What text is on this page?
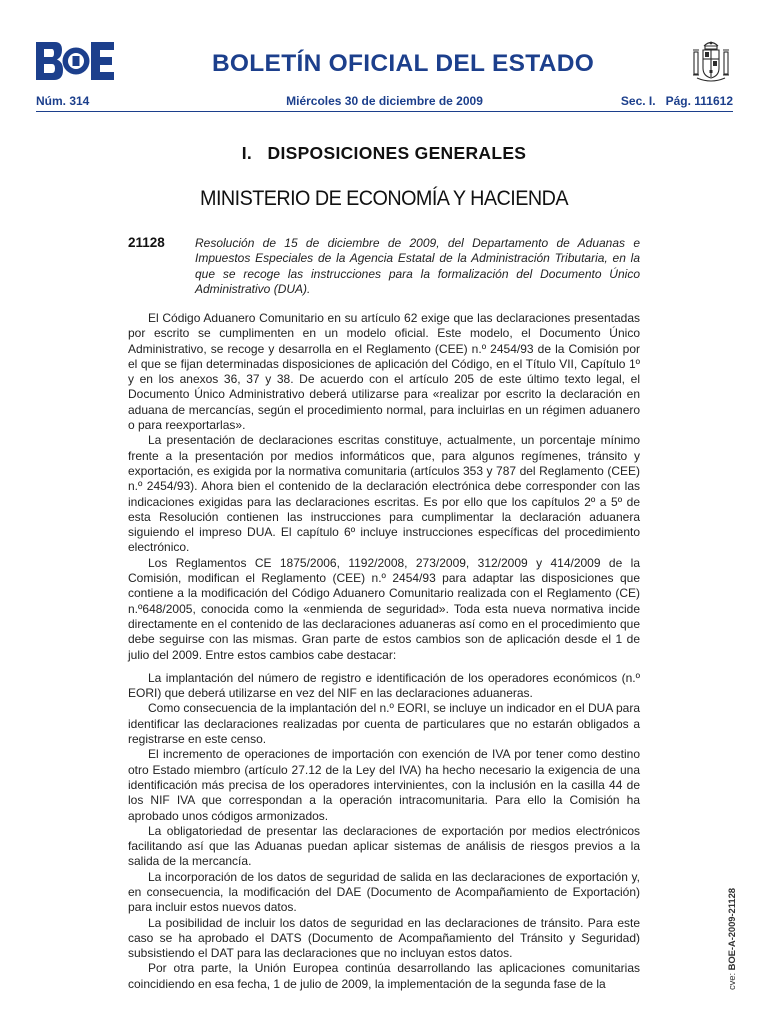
BOLETÍN OFICIAL DEL ESTADO
Núm. 314	Miércoles 30 de diciembre de 2009	Sec. I.   Pág. 111612
I.   DISPOSICIONES GENERALES
MINISTERIO DE ECONOMÍA Y HACIENDA
21128	Resolución de 15 de diciembre de 2009, del Departamento de Aduanas e Impuestos Especiales de la Agencia Estatal de la Administración Tributaria, en la que se recoge las instrucciones para la formalización del Documento Único Administrativo (DUA).

El Código Aduanero Comunitario en su artículo 62 exige que las declaraciones presentadas por escrito se cumplimenten en un modelo oficial. Este modelo, el Documento Único Administrativo, se recoge y desarrolla en el Reglamento (CEE) n.º 2454/93 de la Comisión por el que se fijan determinadas disposiciones de aplicación del Código, en el Título VII, Capítulo 1º y en los anexos 36, 37 y 38. De acuerdo con el artículo 205 de este último texto legal, el Documento Único Administrativo deberá utilizarse para «realizar por escrito la declaración en aduana de mercancías, según el procedimiento normal, para incluirlas en un régimen aduanero o para reexportarlas».

La presentación de declaraciones escritas constituye, actualmente, un porcentaje mínimo frente a la presentación por medios informáticos que, para algunos regímenes, tránsito y exportación, es exigida por la normativa comunitaria (artículos 353 y 787 del Reglamento (CEE) n.º 2454/93). Ahora bien el contenido de la declaración electrónica debe corresponder con las indicaciones exigidas para las declaraciones escritas. Es por ello que los capítulos 2º a 5º de esta Resolución contienen las instrucciones para cumplimentar la declaración aduanera siguiendo el impreso DUA. El capítulo 6º incluye instrucciones específicas del procedimiento electrónico.

Los Reglamentos CE 1875/2006, 1192/2008, 273/2009, 312/2009 y 414/2009 de la Comisión, modifican el Reglamento (CEE) n.º 2454/93 para adaptar las disposiciones que contiene a la modificación del Código Aduanero Comunitario realizada con el Reglamento (CE) n.º648/2005, conocida como la «enmienda de seguridad». Toda esta nueva normativa incide directamente en el contenido de las declaraciones aduaneras así como en el procedimiento que debe seguirse con las mismas. Gran parte de estos cambios son de aplicación desde el 1 de julio del 2009. Entre estos cambios cabe destacar:

La implantación del número de registro e identificación de los operadores económicos (n.º EORI) que deberá utilizarse en vez del NIF en las declaraciones aduaneras.

Como consecuencia de la implantación del n.º EORI, se incluye un indicador en el DUA para identificar las declaraciones realizadas por cuenta de particulares que no estarán obligados a registrarse en este censo.

El incremento de operaciones de importación con exención de IVA por tener como destino otro Estado miembro (artículo 27.12 de la Ley del IVA) ha hecho necesario la exigencia de una identificación más precisa de los operadores intervinientes, con la inclusión en la casilla 44 de los NIF IVA que correspondan a la operación intracomunitaria. Para ello la Comisión ha aprobado unos códigos armonizados.

La obligatoriedad de presentar las declaraciones de exportación por medios electrónicos facilitando así que las Aduanas puedan aplicar sistemas de análisis de riesgos previos a la salida de la mercancía.

La incorporación de los datos de seguridad de salida en las declaraciones de exportación y, en consecuencia, la modificación del DAE (Documento de Acompañamiento de Exportación) para incluir estos nuevos datos.

La posibilidad de incluir los datos de seguridad en las declaraciones de tránsito. Para este caso se ha aprobado el DATS (Documento de Acompañamiento del Tránsito y Seguridad) subsistiendo el DAT para las declaraciones que no incluyan estos datos.

Por otra parte, la Unión Europea continúa desarrollando las aplicaciones comunitarias coincidiendo en esa fecha, 1 de julio de 2009, la implementación de la segunda fase de la	cve: BOE-A-2009-21128
